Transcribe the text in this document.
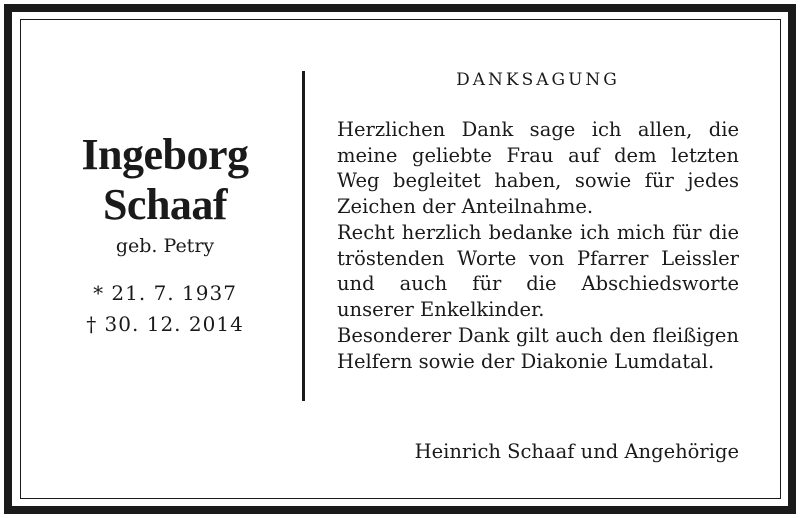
Ingeborg
Schaaf
geb. Petry
* 21. 7. 1937
† 30. 12. 2014
DANKSAGUNG

Herzlichen Dank sage ich allen, die meine geliebte Frau auf dem letzten Weg begleitet haben, sowie für jedes Zeichen der Anteilnahme.

Recht herzlich bedanke ich mich für die tröstenden Worte von Pfarrer Leissler und auch für die Abschiedsworte unserer Enkelkinder.

Besonderer Dank gilt auch den fleißigen Helfern sowie der Diakonie Lumdatal.

Heinrich Schaaf und Angehörige
